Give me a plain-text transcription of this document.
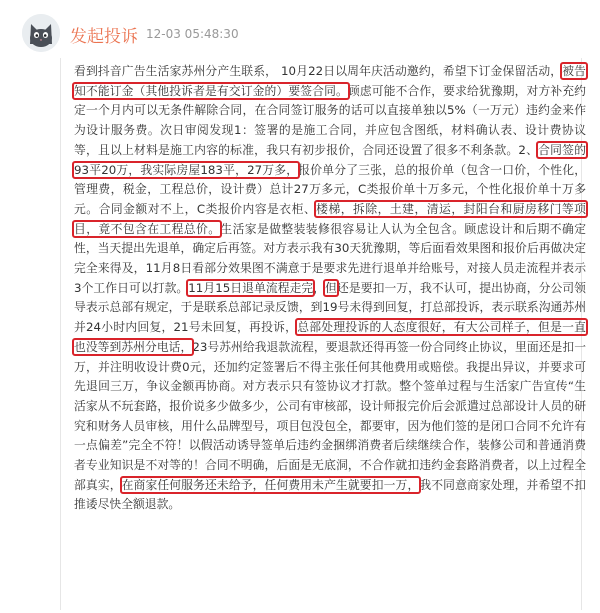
发起投诉 12-03 05:48:30

看到抖音广告生活家苏州分产生联系， 10月22日以周年庆活动邀约，希望下订金保留活动，被告知不能订金（其他投诉者是有交订金的）要签合同。顾虑可能不合作，要求给犹豫期，对方补充约定一个月内可以无条件解除合同，在合同签订服务的话可以直接单独以5%（一万元）违约金来作为设计服务费。次日审阅发现1：签署的是施工合同，并应包含图纸，材料确认表、设计费协议等，且以上材料是施工内容的标准，我只有初步报价，合同还设置了很多不利条款。2、合同签的93平20万，我实际房屋183平，27万多，报价单分了三张，总的报价单（包含一口价，个性化，管理费，税金，工程总价，设计费）总计27万多元，C类报价单十万多元，个性化报价单十万多元。合同金额对不上，C类报价内容是衣柜、楼梯，拆除，土建，清运，封阳台和厨房移门等项目，竟不包含在工程总价。生活家是做整装装修很容易让人认为全包含。顾虑设计和后期不确定性，当天提出先退单，确定后再签。对方表示我有30天犹豫期，等后面看效果图和报价后再做决定完全来得及，11月8日看部分效果图不满意于是要求先进行退单并给账号，对接人员走流程并表示3个工作日可以打款。11月15日退单流程走完，但还是要扣一万，我不认可，提出协商，分公司领导表示总部有规定，于是联系总部记录反馈，到19号未得到回复，打总部投诉，表示联系沟通苏州并24小时内回复，21号未回复，再投诉，总部处理投诉的人态度很好，有大公司样子，但是一直也没等到苏州分电话，23号苏州给我退款流程，要退款还得再签一份合同终止协议，里面还是扣一万，并注明收设计费0元，还加约定签署后不得主张任何其他费用或赔偿。我提出异议，并要求可先退回三万，争议金额再协商。对方表示只有签协议才打款。整个签单过程与生活家广告宣传“生活家从不玩套路，报价说多少做多少，公司有审核部，设计师报完价后会派遣过总部设计人员的研究和财务人员审核，用什么品牌型号，项目包没包全，都要审，因为他们签的是闭口合同不允许有一点偏差”完全不符！以假活动诱导签单后违约金捆绑消费者后续继续合作，装修公司和普通消费者专业知识是不对等的！合同不明确，后面是无底洞，不合作就扣违约金套路消费者，以上过程全部真实，在商家任何服务还未给予，任何费用未产生就要扣一万，我不同意商家处理，并希望不扣推诿尽快全额退款。
